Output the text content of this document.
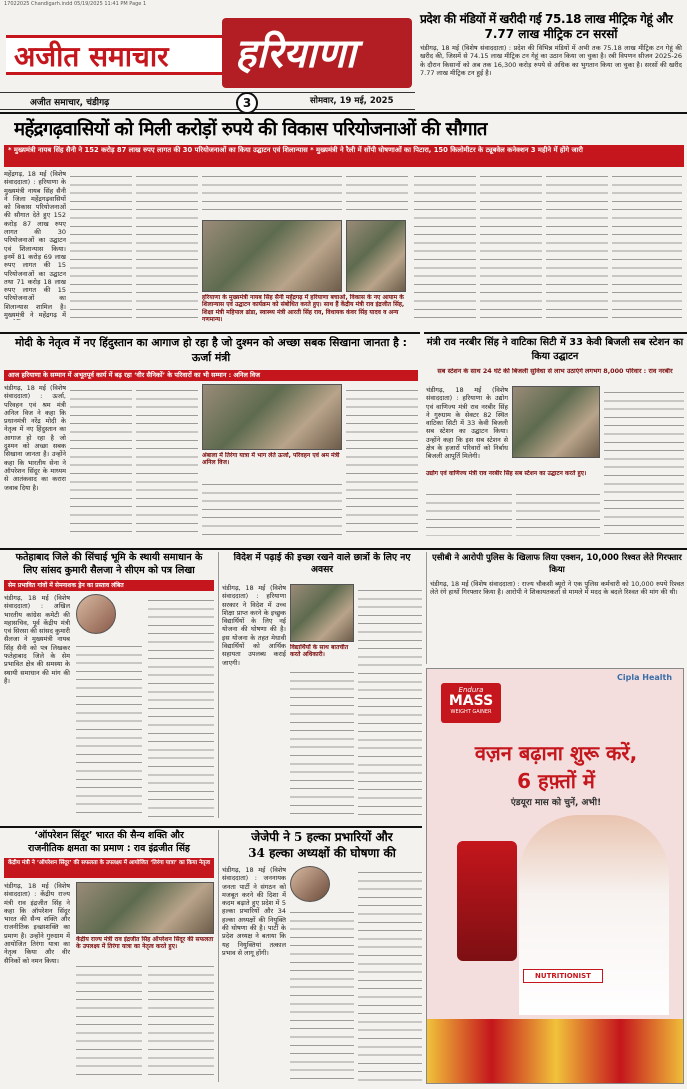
17022025 Chandigarh.indd 05/19/2025 11:41 PM Page 1
अजीत समाचार हरियाणा
अजीत समाचार, चंडीगढ़	3	सोमवार, 19 मई, 2025
प्रदेश की मंडियों में खरीदी गई 75.18 लाख मीट्रिक गेहूं और
7.77 लाख मीट्रिक टन सरसों
चंडीगढ़, 18 मई (विशेष संवाददाता) : प्रदेश की विभिन्न मंडियों में अभी तक 75.18 लाख मीट्रिक टन गेहूं की खरीद की, जिसमें से 74.15 लाख मीट्रिक टन गेहूं का उठान किया जा चुका है। रबी विपणन सीजन 2025-26 के दौरान किसानों को अब तक 16,300 करोड़ रुपये से अधिक का भुगतान किया जा चुका है। सरसों की खरीद 7.77 लाख मीट्रिक टन हुई है।
महेंद्रगढ़वासियों को मिली करोड़ों रुपये की विकास परियोजनाओं की सौगात
* मुख्यमंत्री नायब सिंह सैनी ने 152 करोड़ 87 लाख रुपए लागत की 30 परियोजनाओं का किया उद्घाटन एवं शिलान्यास * मुख्यमंत्री ने रैली में सोंपी घोषणाओं का पिटारा, 150 किलोमीटर के ट्यूबवेल कनेक्शन 3 महीने में होंगे जारी
महेंद्रगढ़, 18 मई (विशेष संवाददाता) : हरियाणा के मुख्यमंत्री नायब सिंह सैनी ने जिला महेंद्रगढ़वासियों को विकास परियोजनाओं की सौगात देते हुए 152 करोड़ 87 लाख रुपए लागत की 30 परियोजनाओं का उद्घाटन एवं शिलान्यास किया। इनमें 81 करोड़ 69 लाख रुपए लागत की 15 परियोजनाओं का उद्घाटन तथा 71 करोड़ 18 लाख रुपए लागत की 15 परियोजनाओं का शिलान्यास शामिल है। मुख्यमंत्री ने महेंद्रगढ़ में
हरियाणा के मुख्यमंत्री नायब सिंह सैनी महेंद्रगढ़ में हरियाणा बचाओ, विकास के नए आयाम के शिलान्यास एवं उद्घाटन कार्यक्रम को संबोधित करते हुए। साथ हैं केंद्रीय मंत्री राव इंद्रजीत सिंह, शिक्षा मंत्री महिपाल ढांडा, स्वास्थ्य मंत्री आरती सिंह राव, विधायक कंवर सिंह यादव व अन्य गणमान्य।
मोदी के नेतृत्व में नए हिंदुस्तान का आगाज हो रहा है जो दुश्मन को अच्छा सबक सिखाना जानता है : ऊर्जा मंत्री
आज हरियाणा के सम्मान में अभूतपूर्व कार्य में बढ़ रहा ‘वीर सैनिकों’ के परिवारों का भी सम्मान : अनिल विज
चंडीगढ़, 18 मई (विशेष संवाददाता) : ऊर्जा, परिवहन एवं श्रम मंत्री अनिल विज ने कहा कि प्रधानमंत्री नरेंद्र मोदी के नेतृत्व में नए हिंदुस्तान का आगाज हो रहा है जो दुश्मन को अच्छा सबक सिखाना जानता है। उन्होंने कहा कि भारतीय सेना ने ऑपरेशन सिंदूर के माध्यम से आतंकवाद का करारा जवाब दिया है।
अंबाला में तिरंगा यात्रा में भाग लेते ऊर्जा, परिवहन एवं श्रम मंत्री अनिल विज।
मंत्री राव नरबीर सिंह ने वाटिका सिटी में 33 केवी बिजली सब स्टेशन का किया उद्घाटन
सब स्टेशन के साथ 24 घंटे की बिजली सुविधा से लाभ उठाएंगे लगभग 8,000 परिवार : राव नरबीर
चंडीगढ़, 18 मई (विशेष संवाददाता) : हरियाणा के उद्योग एवं वाणिज्य मंत्री राव नरबीर सिंह ने गुरुग्राम के सेक्टर 82 स्थित वाटिका सिटी में 33 केवी बिजली सब स्टेशन का उद्घाटन किया। उन्होंने कहा कि इस सब स्टेशन से क्षेत्र के हजारों परिवारों को निर्बाध बिजली आपूर्ति मिलेगी।
उद्योग एवं वाणिज्य मंत्री राव नरबीर सिंह सब स्टेशन का उद्घाटन करते हुए।
फतेहाबाद जिले की सिंचाई भूमि के स्थायी समाधान के
लिए सांसद कुमारी सैलजा ने सीएम को पत्र लिखा
सेम प्रभावित गांवों में सेमनाशक ड्रेन का प्रस्ताव लंबित
चंडीगढ़, 18 मई (विशेष संवाददाता) : अखिल भारतीय कांग्रेस कमेटी की महासचिव, पूर्व केंद्रीय मंत्री एवं सिरसा की सांसद कुमारी सैलजा ने मुख्यमंत्री नायब सिंह सैनी को पत्र लिखकर फतेहाबाद जिले के सेम प्रभावित क्षेत्र की समस्या के स्थायी समाधान की मांग की है।
विदेश में पढ़ाई की इच्छा रखने वाले छात्रों के लिए नए अवसर
चंडीगढ़, 18 मई (विशेष संवाददाता) : हरियाणा सरकार ने विदेश में उच्च शिक्षा प्राप्त करने के इच्छुक विद्यार्थियों के लिए नई योजना की घोषणा की है। इस योजना के तहत मेधावी विद्यार्थियों को आर्थिक सहायता उपलब्ध कराई जाएगी।
विद्यार्थियों के साथ बातचीत करते अधिकारी।
एसीबी ने आरोपी पुलिस के खिलाफ लिया एक्शन, 10,000 रिश्वत लेते गिरफ्तार किया
चंडीगढ़, 18 मई (विशेष संवाददाता) : राज्य चौकसी ब्यूरो ने एक पुलिस कर्मचारी को 10,000 रुपये रिश्वत लेते रंगे हाथों गिरफ्तार किया है। आरोपी ने शिकायतकर्ता से मामले में मदद के बदले रिश्वत की मांग की थी।
Cipla Health
Endura
MASS
WEIGHT GAINER
वज़न बढ़ाना शुरू करें,
6 हफ़्तों में
एंडयूरा मास को चुनें, अभी!
NUTRITIONIST
‘ऑपरेशन सिंदूर’ भारत की सैन्य शक्ति और
राजनीतिक क्षमता का प्रमाण : राव इंद्रजीत सिंह
केंद्रीय मंत्री ने ‘ऑपरेशन सिंदूर’ की सफलता के उपलक्ष्य में आयोजित ‘तिरंगा यात्रा’ का किया नेतृत्व
चंडीगढ़, 18 मई (विशेष संवाददाता) : केंद्रीय राज्य मंत्री राव इंद्रजीत सिंह ने कहा कि ऑपरेशन सिंदूर भारत की सैन्य शक्ति और राजनीतिक इच्छाशक्ति का प्रमाण है। उन्होंने गुरुग्राम में आयोजित तिरंगा यात्रा का नेतृत्व किया और वीर सैनिकों को नमन किया।
केंद्रीय राज्य मंत्री राव इंद्रजीत सिंह ऑपरेशन सिंदूर की सफलता के उपलक्ष्य में तिरंगा यात्रा का नेतृत्व करते हुए।
जेजेपी ने 5 हल्का प्रभारियों और
34 हल्का अध्यक्षों की घोषणा की
चंडीगढ़, 18 मई (विशेष संवाददाता) : जननायक जनता पार्टी ने संगठन को मजबूत करने की दिशा में कदम बढ़ाते हुए प्रदेश में 5 हल्का प्रभारियों और 34 हल्का अध्यक्षों की नियुक्ति की घोषणा की है। पार्टी के प्रदेश अध्यक्ष ने बताया कि यह नियुक्तियां तत्काल प्रभाव से लागू होंगी।
